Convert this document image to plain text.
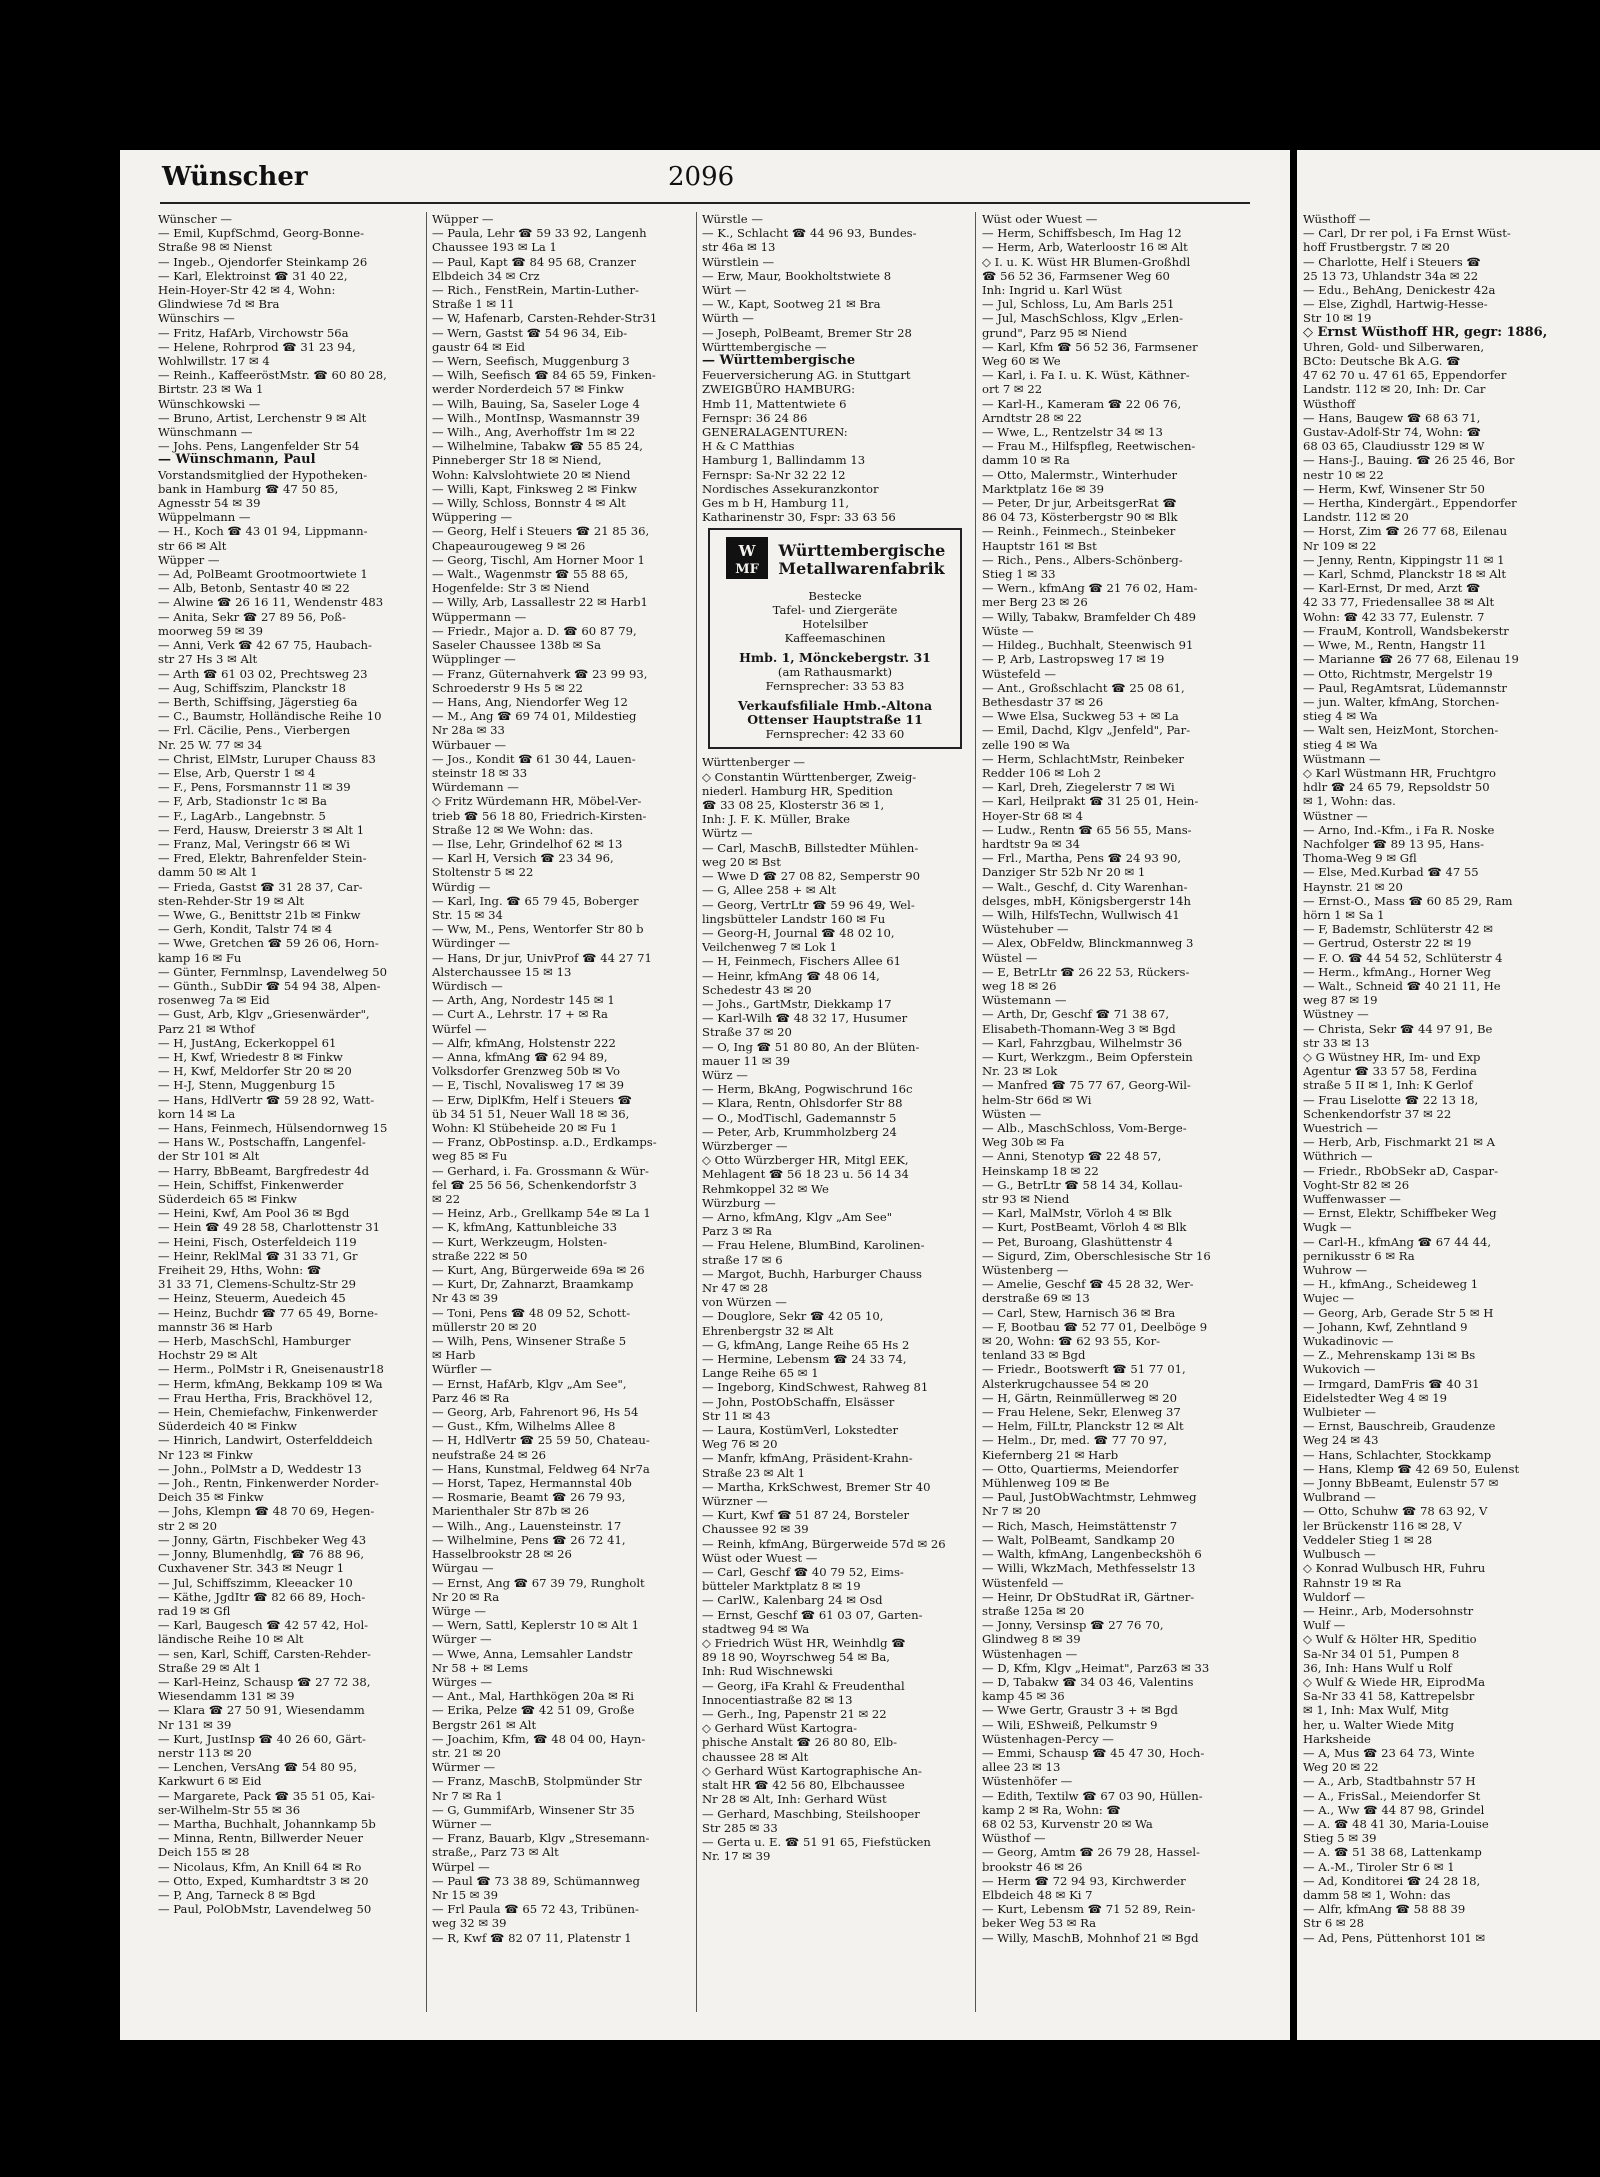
Wünscher	2096
Wünscher —
— Emil, KupfSchmd, Georg-Bonne-
Straße 98 ✉ Nienst
— Ingeb., Ojendorfer Steinkamp 26
— Karl, Elektroinst ☎ 31 40 22,
Hein-Hoyer-Str 42 ✉ 4, Wohn:
Glindwiese 7d ✉ Bra
Wünschirs —
— Fritz, HafArb, Virchowstr 56a
— Helene, Rohrprod ☎ 31 23 94,
Wohlwillstr. 17 ✉ 4
— Reinh., KaffeeröstMstr. ☎ 60 80 28,
Birtstr. 23 ✉ Wa 1
Wünschkowski —
— Bruno, Artist, Lerchenstr 9 ✉ Alt
Wünschmann —
— Johs. Pens, Langenfelder Str 54
— Wünschmann, Paul
Vorstandsmitglied der Hypotheken-
bank in Hamburg ☎ 47 50 85,
Agnesstr 54 ✉ 39
Wüppelmann —
— H., Koch ☎ 43 01 94, Lippmann-
str 66 ✉ Alt
Wüpper —
— Ad, PolBeamt Grootmoortwiete 1
— Alb, Betonb, Sentastr 40 ✉ 22
— Alwine ☎ 26 16 11, Wendenstr 483
— Anita, Sekr ☎ 27 89 56, Poß-
moorweg 59 ✉ 39
— Anni, Verk ☎ 42 67 75, Haubach-
str 27 Hs 3 ✉ Alt
— Arth ☎ 61 03 02, Prechtsweg 23
— Aug, Schiffszim, Planckstr 18
— Berth, Schiffsing, Jägerstieg 6a
— C., Baumstr, Holländische Reihe 10
— Frl. Cäcilie, Pens., Vierbergen
Nr. 25 W. 77 ✉ 34
— Christ, ElMstr, Luruper Chauss 83
— Else, Arb, Querstr 1 ✉ 4
— F., Pens, Forsmannstr 11 ✉ 39
— F, Arb, Stadionstr 1c ✉ Ba
— F., LagArb., Langebnstr. 5
— Ferd, Hausw, Dreierstr 3 ✉ Alt 1
— Franz, Mal, Veringstr 66 ✉ Wi
— Fred, Elektr, Bahrenfelder Stein-
damm 50 ✉ Alt 1
— Frieda, Gastst ☎ 31 28 37, Car-
sten-Rehder-Str 19 ✉ Alt
— Wwe, G., Benittstr 21b ✉ Finkw
— Gerh, Kondit, Talstr 74 ✉ 4
— Wwe, Gretchen ☎ 59 26 06, Horn-
kamp 16 ✉ Fu
— Günter, Fernmlnsp, Lavendelweg 50
— Günth., SubDir ☎ 54 94 38, Alpen-
rosenweg 7a ✉ Eid
— Gust, Arb, Klgv „Griesenwärder",
Parz 21 ✉ Wthof
— H, JustAng, Eckerkoppel 61
— H, Kwf, Wriedestr 8 ✉ Finkw
— H, Kwf, Meldorfer Str 20 ✉ 20
— H-J, Stenn, Muggenburg 15
— Hans, HdlVertr ☎ 59 28 92, Watt-
korn 14 ✉ La
— Hans, Feinmech, Hülsendornweg 15
— Hans W., Postschaffn, Langenfel-
der Str 101 ✉ Alt
— Harry, BbBeamt, Bargfredestr 4d
— Hein, Schiffst, Finkenwerder
Süderdeich 65 ✉ Finkw
— Heini, Kwf, Am Pool 36 ✉ Bgd
— Hein ☎ 49 28 58, Charlottenstr 31
— Heini, Fisch, Osterfeldeich 119
— Heinr, ReklMal ☎ 31 33 71, Gr
Freiheit 29, Hths, Wohn: ☎
31 33 71, Clemens-Schultz-Str 29
— Heinz, Steuerm, Auedeich 45
— Heinz, Buchdr ☎ 77 65 49, Borne-
mannstr 36 ✉ Harb
— Herb, MaschSchl, Hamburger
Hochstr 29 ✉ Alt
— Herm., PolMstr i R, Gneisenaustr18
— Herm, kfmAng, Bekkamp 109 ✉ Wa
— Frau Hertha, Fris, Brackhövel 12,
— Hein, Chemiefachw, Finkenwerder
Süderdeich 40 ✉ Finkw
— Hinrich, Landwirt, Osterfelddeich
Nr 123 ✉ Finkw
— John., PolMstr a D, Weddestr 13
— Joh., Rentn, Finkenwerder Norder-
Deich 35 ✉ Finkw
— Johs, Klempn ☎ 48 70 69, Hegen-
str 2 ✉ 20
— Jonny, Gärtn, Fischbeker Weg 43
— Jonny, Blumenhdlg, ☎ 76 88 96,
Cuxhavener Str. 343 ✉ Neugr 1
— Jul, Schiffszimm, Kleeacker 10
— Käthe, JgdItr ☎ 82 66 89, Hoch-
rad 19 ✉ Gfl
— Karl, Baugesch ☎ 42 57 42, Hol-
ländische Reihe 10 ✉ Alt
— sen, Karl, Schiff, Carsten-Rehder-
Straße 29 ✉ Alt 1
— Karl-Heinz, Schausp ☎ 27 72 38,
Wiesendamm 131 ✉ 39
— Klara ☎ 27 50 91, Wiesendamm
Nr 131 ✉ 39
— Kurt, JustInsp ☎ 40 26 60, Gärt-
nerstr 113 ✉ 20
— Lenchen, VersAng ☎ 54 80 95,
Karkwurt 6 ✉ Eid
— Margarete, Pack ☎ 35 51 05, Kai-
ser-Wilhelm-Str 55 ✉ 36
— Martha, Buchhalt, Johannkamp 5b
— Minna, Rentn, Billwerder Neuer
Deich 155 ✉ 28
— Nicolaus, Kfm, An Knill 64 ✉ Ro
— Otto, Exped, Kumhardtstr 3 ✉ 20
— P, Ang, Tarneck 8 ✉ Bgd
— Paul, PolObMstr, Lavendelweg 50
Wüpper —
— Paula, Lehr ☎ 59 33 92, Langenh
Chaussee 193 ✉ La 1
— Paul, Kapt ☎ 84 95 68, Cranzer
Elbdeich 34 ✉ Crz
— Rich., FenstRein, Martin-Luther-
Straße 1 ✉ 11
— W, Hafenarb, Carsten-Rehder-Str31
— Wern, Gastst ☎ 54 96 34, Eib-
gaustr 64 ✉ Eid
— Wern, Seefisch, Muggenburg 3
— Wilh, Seefisch ☎ 84 65 59, Finken-
werder Norderdeich 57 ✉ Finkw
— Wilh, Bauing, Sa, Saseler Loge 4
— Wilh., MontInsp, Wasmannstr 39
— Wilh., Ang, Averhoffstr 1m ✉ 22
— Wilhelmine, Tabakw ☎ 55 85 24,
Pinneberger Str 18 ✉ Niend,
Wohn: Kalvslohtwiete 20 ✉ Niend
— Willi, Kapt, Finksweg 2 ✉ Finkw
— Willy, Schloss, Bonnstr 4 ✉ Alt
Wüppering —
— Georg, Helf i Steuers ☎ 21 85 36,
Chapeaurougeweg 9 ✉ 26
— Georg, Tischl, Am Horner Moor 1
— Walt., Wagenmstr ☎ 55 88 65,
Hogenfelde: Str 3 ✉ Niend
— Willy, Arb, Lassallestr 22 ✉ Harb1
Wüppermann —
— Friedr., Major a. D. ☎ 60 87 79,
Saseler Chaussee 138b ✉ Sa
Wüpplinger —
— Franz, Güternahverk ☎ 23 99 93,
Schroederstr 9 Hs 5 ✉ 22
— Hans, Ang, Niendorfer Weg 12
— M., Ang ☎ 69 74 01, Mildestieg
Nr 28a ✉ 33
Würbauer —
— Jos., Kondit ☎ 61 30 44, Lauen-
steinstr 18 ✉ 33
Würdemann —
◇ Fritz Würdemann HR, Möbel-Ver-
trieb ☎ 56 18 80, Friedrich-Kirsten-
Straße 12 ✉ We Wohn: das.
— Ilse, Lehr, Grindelhof 62 ✉ 13
— Karl H, Versich ☎ 23 34 96,
Stoltenstr 5 ✉ 22
Würdig —
— Karl, Ing. ☎ 65 79 45, Boberger
Str. 15 ✉ 34
— Ww, M., Pens, Wentorfer Str 80 b
Würdinger —
— Hans, Dr jur, UnivProf ☎ 44 27 71
Alsterchaussee 15 ✉ 13
Würdisch —
— Arth, Ang, Nordestr 145 ✉ 1
— Curt A., Lehrstr. 17 + ✉ Ra
Würfel —
— Alfr, kfmAng, Holstenstr 222
— Anna, kfmAng ☎ 62 94 89,
Volksdorfer Grenzweg 50b ✉ Vo
— E, Tischl, Novalisweg 17 ✉ 39
— Erw, DiplKfm, Helf i Steuers ☎
üb 34 51 51, Neuer Wall 18 ✉ 36,
Wohn: Kl Stübeheide 20 ✉ Fu 1
— Franz, ObPostinsp. a.D., Erdkamps-
weg 85 ✉ Fu
— Gerhard, i. Fa. Grossmann & Wür-
fel ☎ 25 56 56, Schenkendorfstr 3
✉ 22
— Heinz, Arb., Grellkamp 54e ✉ La 1
— K, kfmAng, Kattunbleiche 33
— Kurt, Werkzeugm, Holsten-
straße 222 ✉ 50
— Kurt, Ang, Bürgerweide 69a ✉ 26
— Kurt, Dr, Zahnarzt, Braamkamp
Nr 43 ✉ 39
— Toni, Pens ☎ 48 09 52, Schott-
müllerstr 20 ✉ 20
— Wilh, Pens, Winsener Straße 5
✉ Harb
Würfler —
— Ernst, HafArb, Klgv „Am See",
Parz 46 ✉ Ra
— Georg, Arb, Fahrenort 96, Hs 54
— Gust., Kfm, Wilhelms Allee 8
— H, HdlVertr ☎ 25 59 50, Chateau-
neufstraße 24 ✉ 26
— Hans, Kunstmal, Feldweg 64 Nr7a
— Horst, Tapez, Hermannstal 40b
— Rosmarie, Beamt ☎ 26 79 93,
Marienthaler Str 87b ✉ 26
— Wilh., Ang., Lauensteinstr. 17
— Wilhelmine, Pens ☎ 26 72 41,
Hasselbrookstr 28 ✉ 26
Würgau —
— Ernst, Ang ☎ 67 39 79, Rungholt
Nr 20 ✉ Ra
Würge —
— Wern, Sattl, Keplerstr 10 ✉ Alt 1
Würger —
— Wwe, Anna, Lemsahler Landstr
Nr 58 + ✉ Lems
Würges —
— Ant., Mal, Harthkögen 20a ✉ Ri
— Erika, Pelze ☎ 42 51 09, Große
Bergstr 261 ✉ Alt
— Joachim, Kfm, ☎ 48 04 00, Hayn-
str. 21 ✉ 20
Würmer —
— Franz, MaschB, Stolpmünder Str
Nr 7 ✉ Ra 1
— G, GummifArb, Winsener Str 35
Würner —
— Franz, Bauarb, Klgv „Stresemann-
straße,, Parz 73 ✉ Alt
Würpel —
— Paul ☎ 73 38 89, Schümannweg
Nr 15 ✉ 39
— Frl Paula ☎ 65 72 43, Tribünen-
weg 32 ✉ 39
— R, Kwf ☎ 82 07 11, Platenstr 1
Würstle —
— K., Schlacht ☎ 44 96 93, Bundes-
str 46a ✉ 13
Würstlein —
— Erw, Maur, Bookholtstwiete 8
Würt —
— W., Kapt, Sootweg 21 ✉ Bra
Würth —
— Joseph, PolBeamt, Bremer Str 28
Württembergische —
— Württembergische
Feuerversicherung AG. in Stuttgart
ZWEIGBÜRO HAMBURG:
Hmb 11, Mattentwiete 6
Fernspr: 36 24 86
GENERALAGENTUREN:
H & C Matthias
Hamburg 1, Ballindamm 13
Fernspr: Sa-Nr 32 22 12
Nordisches Assekuranzkontor
Ges m b H, Hamburg 11,
Katharinenstr 30, Fspr: 33 63 56
W
MF
Württembergische
Metallwarenfabrik
Bestecke
Tafel- und Ziergeräte
Hotelsilber
Kaffeemaschinen
Hmb. 1, Mönckebergstr. 31
(am Rathausmarkt)
Fernsprecher: 33 53 83
Verkaufsfiliale Hmb.-Altona
Ottenser Hauptstraße 11
Fernsprecher: 42 33 60
Württenberger —
◇ Constantin Württenberger, Zweig-
niederl. Hamburg HR, Spedition
☎ 33 08 25, Klosterstr 36 ✉ 1,
Inh: J. F. K. Müller, Brake
Würtz —
— Carl, MaschB, Billstedter Mühlen-
weg 20 ✉ Bst
— Wwe D ☎ 27 08 82, Semperstr 90
— G, Allee 258 + ✉ Alt
— Georg, VertrLtr ☎ 59 96 49, Wel-
lingsbütteler Landstr 160 ✉ Fu
— Georg-H, Journal ☎ 48 02 10,
Veilchenweg 7 ✉ Lok 1
— H, Feinmech, Fischers Allee 61
— Heinr, kfmAng ☎ 48 06 14,
Schedestr 43 ✉ 20
— Johs., GartMstr, Diekkamp 17
— Karl-Wilh ☎ 48 32 17, Husumer
Straße 37 ✉ 20
— O, Ing ☎ 51 80 80, An der Blüten-
mauer 11 ✉ 39
Würz —
— Herm, BkAng, Pogwischrund 16c
— Klara, Rentn, Ohlsdorfer Str 88
— O., ModTischl, Gademannstr 5
— Peter, Arb, Krummholzberg 24
Würzberger —
◇ Otto Würzberger HR, Mitgl EEK,
Mehlagent ☎ 56 18 23 u. 56 14 34
Rehmkoppel 32 ✉ We
Würzburg —
— Arno, kfmAng, Klgv „Am See"
Parz 3 ✉ Ra
— Frau Helene, BlumBind, Karolinen-
straße 17 ✉ 6
— Margot, Buchh, Harburger Chauss
Nr 47 ✉ 28
von Würzen —
— Douglore, Sekr ☎ 42 05 10,
Ehrenbergstr 32 ✉ Alt
— G, kfmAng, Lange Reihe 65 Hs 2
— Hermine, Lebensm ☎ 24 33 74,
Lange Reihe 65 ✉ 1
— Ingeborg, KindSchwest, Rahweg 81
— John, PostObSchaffn, Elsässer
Str 11 ✉ 43
— Laura, KostümVerl, Lokstedter
Weg 76 ✉ 20
— Manfr, kfmAng, Präsident-Krahn-
Straße 23 ✉ Alt 1
— Martha, KrkSchwest, Bremer Str 40
Würzner —
— Kurt, Kwf ☎ 51 87 24, Borsteler
Chaussee 92 ✉ 39
— Reinh, kfmAng, Bürgerweide 57d ✉ 26
Wüst oder Wuest —
— Carl, Geschf ☎ 40 79 52, Eims-
bütteler Marktplatz 8 ✉ 19
— CarlW., Kalenbarg 24 ✉ Osd
— Ernst, Geschf ☎ 61 03 07, Garten-
stadtweg 94 ✉ Wa
◇ Friedrich Wüst HR, Weinhdlg ☎
89 18 90, Woyrschweg 54 ✉ Ba,
Inh: Rud Wischnewski
— Georg, iFa Krahl & Freudenthal
Innocentiastraße 82 ✉ 13
— Gerh., Ing, Papenstr 21 ✉ 22
◇ Gerhard Wüst Kartogra-
phische Anstalt ☎ 26 80 80, Elb-
chaussee 28 ✉ Alt
◇ Gerhard Wüst Kartographische An-
stalt HR ☎ 42 56 80, Elbchaussee
Nr 28 ✉ Alt, Inh: Gerhard Wüst
— Gerhard, Maschbing, Steilshooper
Str 285 ✉ 33
— Gerta u. E. ☎ 51 91 65, Fiefstücken
Nr. 17 ✉ 39
Wüst oder Wuest —
— Herm, Schiffsbesch, Im Hag 12
— Herm, Arb, Waterloostr 16 ✉ Alt
◇ I. u. K. Wüst HR Blumen-Großhdl
☎ 56 52 36, Farmsener Weg 60
Inh: Ingrid u. Karl Wüst
— Jul, Schloss, Lu, Am Barls 251
— Jul, MaschSchloss, Klgv „Erlen-
grund", Parz 95 ✉ Niend
— Karl, Kfm ☎ 56 52 36, Farmsener
Weg 60 ✉ We
— Karl, i. Fa I. u. K. Wüst, Käthner-
ort 7 ✉ 22
— Karl-H., Kameram ☎ 22 06 76,
Arndtstr 28 ✉ 22
— Wwe, L., Rentzelstr 34 ✉ 13
— Frau M., Hilfspfleg, Reetwischen-
damm 10 ✉ Ra
— Otto, Malermstr., Winterhuder
Marktplatz 16e ✉ 39
— Peter, Dr jur, ArbeitsgerRat ☎
86 04 73, Kösterbergstr 90 ✉ Blk
— Reinh., Feinmech., Steinbeker
Hauptstr 161 ✉ Bst
— Rich., Pens., Albers-Schönberg-
Stieg 1 ✉ 33
— Wern., kfmAng ☎ 21 76 02, Ham-
mer Berg 23 ✉ 26
— Willy, Tabakw, Bramfelder Ch 489
Wüste —
— Hildeg., Buchhalt, Steenwisch 91
— P, Arb, Lastropsweg 17 ✉ 19
Wüstefeld —
— Ant., Großschlacht ☎ 25 08 61,
Bethesdastr 37 ✉ 26
— Wwe Elsa, Suckweg 53 + ✉ La
— Emil, Dachd, Klgv „Jenfeld", Par-
zelle 190 ✉ Wa
— Herm, SchlachtMstr, Reinbeker
Redder 106 ✉ Loh 2
— Karl, Dreh, Ziegelerstr 7 ✉ Wi
— Karl, Heilprakt ☎ 31 25 01, Hein-
Hoyer-Str 68 ✉ 4
— Ludw., Rentn ☎ 65 56 55, Mans-
hardtstr 9a ✉ 34
— Frl., Martha, Pens ☎ 24 93 90,
Danziger Str 52b Nr 20 ✉ 1
— Walt., Geschf, d. City Warenhan-
delsges, mbH, Königsbergerstr 14h
— Wilh, HilfsTechn, Wullwisch 41
Wüstehuber —
— Alex, ObFeldw, Blinckmannweg 3
Wüstel —
— E, BetrLtr ☎ 26 22 53, Rückers-
weg 18 ✉ 26
Wüstemann —
— Arth, Dr, Geschf ☎ 71 38 67,
Elisabeth-Thomann-Weg 3 ✉ Bgd
— Karl, Fahrzgbau, Wilhelmstr 36
— Kurt, Werkzgm., Beim Opferstein
Nr. 23 ✉ Lok
— Manfred ☎ 75 77 67, Georg-Wil-
helm-Str 66d ✉ Wi
Wüsten —
— Alb., MaschSchloss, Vom-Berge-
Weg 30b ✉ Fa
— Anni, Stenotyp ☎ 22 48 57,
Heinskamp 18 ✉ 22
— G., BetrLtr ☎ 58 14 34, Kollau-
str 93 ✉ Niend
— Karl, MalMstr, Vörloh 4 ✉ Blk
— Kurt, PostBeamt, Vörloh 4 ✉ Blk
— Pet, Buroang, Glashüttenstr 4
— Sigurd, Zim, Oberschlesische Str 16
Wüstenberg —
— Amelie, Geschf ☎ 45 28 32, Wer-
derstraße 69 ✉ 13
— Carl, Stew, Harnisch 36 ✉ Bra
— F, Bootbau ☎ 52 77 01, Deelböge 9
✉ 20, Wohn: ☎ 62 93 55, Kor-
tenland 33 ✉ Bgd
— Friedr., Bootswerft ☎ 51 77 01,
Alsterkrugchaussee 54 ✉ 20
— H, Gärtn, Reinmüllerweg ✉ 20
— Frau Helene, Sekr, Elenweg 37
— Helm, FilLtr, Planckstr 12 ✉ Alt
— Helm., Dr, med. ☎ 77 70 97,
Kiefernberg 21 ✉ Harb
— Otto, Quartierms, Meiendorfer
Mühlenweg 109 ✉ Be
— Paul, JustObWachtmstr, Lehmweg
Nr 7 ✉ 20
— Rich, Masch, Heimstättenstr 7
— Walt, PolBeamt, Sandkamp 20
— Walth, kfmAng, Langenbeckshöh 6
— Willi, WkzMach, Methfesselstr 13
Wüstenfeld —
— Heinr, Dr ObStudRat iR, Gärtner-
straße 125a ✉ 20
— Jonny, Versinsp ☎ 27 76 70,
Glindweg 8 ✉ 39
Wüstenhagen —
— D, Kfm, Klgv „Heimat", Parz63 ✉ 33
— D, Tabakw ☎ 34 03 46, Valentins
kamp 45 ✉ 36
— Wwe Gertr, Graustr 3 + ✉ Bgd
— Wili, EShweiß, Pelkumstr 9
Wüstenhagen-Percy —
— Emmi, Schausp ☎ 45 47 30, Hoch-
allee 23 ✉ 13
Wüstenhöfer —
— Edith, Textilw ☎ 67 03 90, Hüllen-
kamp 2 ✉ Ra, Wohn: ☎
68 02 53, Kurvenstr 20 ✉ Wa
Wüsthof —
— Georg, Amtm ☎ 26 79 28, Hassel-
brookstr 46 ✉ 26
— Herm ☎ 72 94 93, Kirchwerder
Elbdeich 48 ✉ Ki 7
— Kurt, Lebensm ☎ 71 52 89, Rein-
beker Weg 53 ✉ Ra
— Willy, MaschB, Mohnhof 21 ✉ Bgd
Wüsthoff —
— Carl, Dr rer pol, i Fa Ernst Wüst-
hoff Frustbergstr. 7 ✉ 20
— Charlotte, Helf i Steuers ☎
25 13 73, Uhlandstr 34a ✉ 22
— Edu., BehAng, Denickestr 42a
— Else, Zighdl, Hartwig-Hesse-
Str 10 ✉ 19
◇ Ernst Wüsthoff HR, gegr: 1886,
Uhren, Gold- und Silberwaren,
BCto: Deutsche Bk A.G. ☎
47 62 70 u. 47 61 65, Eppendorfer
Landstr. 112 ✉ 20, Inh: Dr. Car
Wüsthoff
— Hans, Baugew ☎ 68 63 71,
Gustav-Adolf-Str 74, Wohn: ☎
68 03 65, Claudiusstr 129 ✉ W
— Hans-J., Bauing. ☎ 26 25 46, Bor
nestr 10 ✉ 22
— Herm, Kwf, Winsener Str 50
— Hertha, Kindergärt., Eppendorfer
Landstr. 112 ✉ 20
— Horst, Zim ☎ 26 77 68, Eilenau
Nr 109 ✉ 22
— Jenny, Rentn, Kippingstr 11 ✉ 1
— Karl, Schmd, Planckstr 18 ✉ Alt
— Karl-Ernst, Dr med, Arzt ☎
42 33 77, Friedensallee 38 ✉ Alt
Wohn: ☎ 42 33 77, Eulenstr. 7
— FrauM, Kontroll, Wandsbekerstr
— Wwe, M., Rentn, Hangstr 11
— Marianne ☎ 26 77 68, Eilenau 19
— Otto, Richtmstr, Mergelstr 19
— Paul, RegAmtsrat, Lüdemannstr
— jun. Walter, kfmAng, Storchen-
stieg 4 ✉ Wa
— Walt sen, HeizMont, Storchen-
stieg 4 ✉ Wa
Wüstmann —
◇ Karl Wüstmann HR, Fruchtgro
hdlr ☎ 24 65 79, Repsoldstr 50
✉ 1, Wohn: das.
Wüstner —
— Arno, Ind.-Kfm., i Fa R. Noske
Nachfolger ☎ 89 13 95, Hans-
Thoma-Weg 9 ✉ Gfl
— Else, Med.Kurbad ☎ 47 55
Haynstr. 21 ✉ 20
— Ernst-O., Mass ☎ 60 85 29, Ram
hörn 1 ✉ Sa 1
— F, Bademstr, Schlüterstr 42 ✉
— Gertrud, Osterstr 22 ✉ 19
— F. O. ☎ 44 54 52, Schlüterstr 4
— Herm., kfmAng., Horner Weg
— Walt., Schneid ☎ 40 21 11, He
weg 87 ✉ 19
Wüstney —
— Christa, Sekr ☎ 44 97 91, Be
str 33 ✉ 13
◇ G Wüstney HR, Im- und Exp
Agentur ☎ 33 57 58, Ferdina
straße 5 II ✉ 1, Inh: K Gerlof
— Frau Liselotte ☎ 22 13 18,
Schenkendorfstr 37 ✉ 22
Wuestrich —
— Herb, Arb, Fischmarkt 21 ✉ A
Wüthrich —
— Friedr., RbObSekr aD, Caspar-
Voght-Str 82 ✉ 26
Wuffenwasser —
— Ernst, Elektr, Schiffbeker Weg
Wugk —
— Carl-H., kfmAng ☎ 67 44 44,
pernikusstr 6 ✉ Ra
Wuhrow —
— H., kfmAng., Scheideweg 1
Wujec —
— Georg, Arb, Gerade Str 5 ✉ H
— Johann, Kwf, Zehntland 9
Wukadinovic —
— Z., Mehrenskamp 13i ✉ Bs
Wukovich —
— Irmgard, DamFris ☎ 40 31
Eidelstedter Weg 4 ✉ 19
Wulbieter —
— Ernst, Bauschreib, Graudenze
Weg 24 ✉ 43
— Hans, Schlachter, Stockkamp
— Hans, Klemp ☎ 42 69 50, Eulenst
— Jonny BbBeamt, Eulenstr 57 ✉
Wulbrand —
— Otto, Schuhw ☎ 78 63 92, V
ler Brückenstr 116 ✉ 28, V
Veddeler Stieg 1 ✉ 28
Wulbusch —
◇ Konrad Wulbusch HR, Fuhru
Rahnstr 19 ✉ Ra
Wuldorf —
— Heinr., Arb, Modersohnstr
Wulf —
◇ Wulf & Hölter HR, Speditio
Sa-Nr 34 01 51, Pumpen 8
36, Inh: Hans Wulf u Rolf
◇ Wulf & Wiede HR, EiprodMa
Sa-Nr 33 41 58, Kattrepelsbr
✉ 1, Inh: Max Wulf, Mitg
her, u. Walter Wiede Mitg
Harksheide
— A, Mus ☎ 23 64 73, Winte
Weg 20 ✉ 22
— A., Arb, Stadtbahnstr 57 H
— A., FrisSal., Meiendorfer St
— A., Ww ☎ 44 87 98, Grindel
— A. ☎ 48 41 30, Maria-Louise
Stieg 5 ✉ 39
— A. ☎ 51 38 68, Lattenkamp
— A.-M., Tiroler Str 6 ✉ 1
— Ad, Konditorei ☎ 24 28 18,
damm 58 ✉ 1, Wohn: das
— Alfr, kfmAng ☎ 58 88 39
Str 6 ✉ 28
— Ad, Pens, Püttenhorst 101 ✉
